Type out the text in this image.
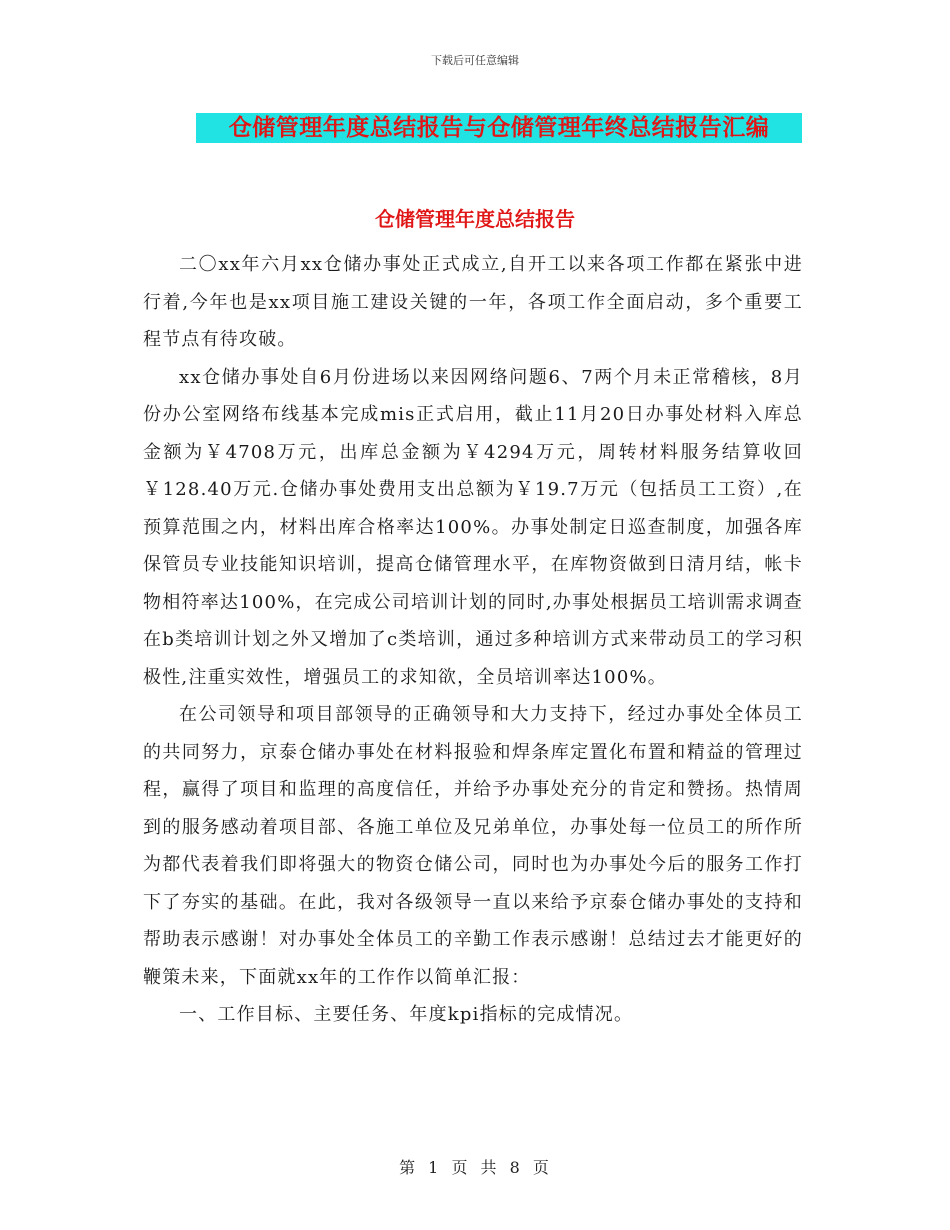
下载后可任意编辑
仓储管理年度总结报告与仓储管理年终总结报告汇编
仓储管理年度总结报告

二〇xx年六月xx仓储办事处正式成立,自开工以来各项工作都在紧张中进行着,今年也是xx项目施工建设关键的一年，各项工作全面启动，多个重要工程节点有待攻破。

xx仓储办事处自6月份进场以来因网络问题6、7两个月未正常稽核，8月份办公室网络布线基本完成mis正式启用，截止11月20日办事处材料入库总金额为￥4708万元，出库总金额为￥4294万元，周转材料服务结算收回￥128.40万元.仓储办事处费用支出总额为￥19.7万元（包括员工工资）,在预算范围之内，材料出库合格率达100%。办事处制定日巡查制度，加强各库保管员专业技能知识培训，提高仓储管理水平，在库物资做到日清月结，帐卡物相符率达100%，在完成公司培训计划的同时,办事处根据员工培训需求调查在b类培训计划之外又增加了c类培训，通过多种培训方式来带动员工的学习积极性,注重实效性，增强员工的求知欲，全员培训率达100%。

在公司领导和项目部领导的正确领导和大力支持下，经过办事处全体员工的共同努力，京泰仓储办事处在材料报验和焊条库定置化布置和精益的管理过程，赢得了项目和监理的高度信任，并给予办事处充分的肯定和赞扬。热情周到的服务感动着项目部、各施工单位及兄弟单位，办事处每一位员工的所作所为都代表着我们即将强大的物资仓储公司，同时也为办事处今后的服务工作打下了夯实的基础。在此，我对各级领导一直以来给予京泰仓储办事处的支持和帮助表示感谢！对办事处全体员工的辛勤工作表示感谢！总结过去才能更好的鞭策未来，下面就xx年的工作作以简单汇报：

一、工作目标、主要任务、年度kpi指标的完成情况。

第 1 页 共 8 页
